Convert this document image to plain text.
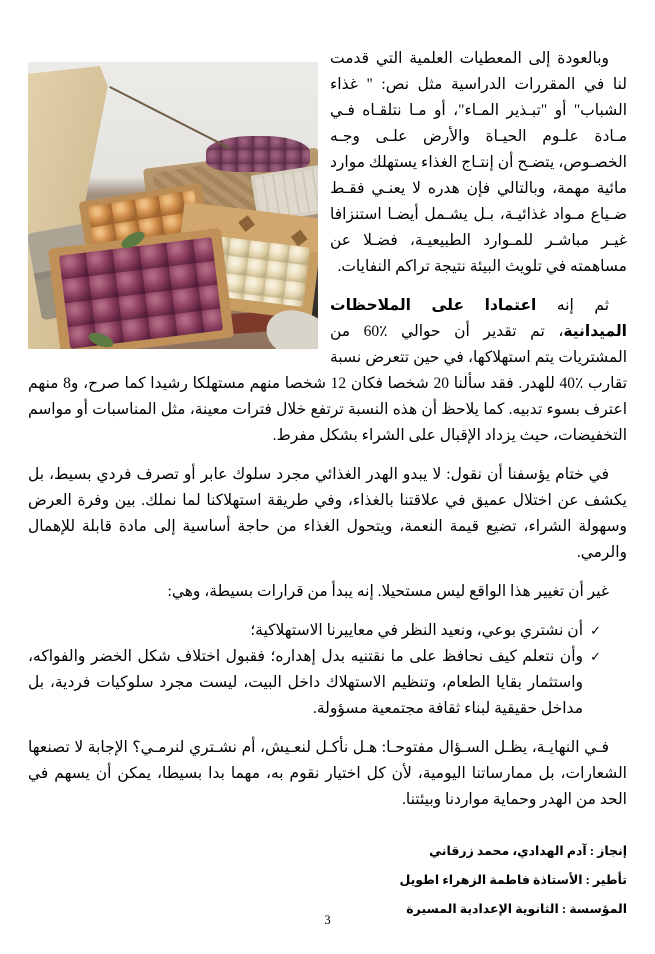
وبالعودة إلى المعطيات العلمية التي قدمت لنا في المقررات الدراسية مثل نص: " غذاء الشباب" أو "تبـذير المـاء"، أو مـا نتلقـاه فـي مـادة علـوم الحيـاة والأرض علـى وجـه الخصـوص، يتضـح أن إنتـاج الغذاء يستهلك موارد مائية مهمة، وبالتالي فإن هدره لا يعنـي فقـط ضـياع مـواد غذائيـة، بـل يشـمل أيضـا استنزافا غيـر مباشـر للمـوارد الطبيعيـة، فضـلا عن مساهمته في تلويث البيئة نتيجة تراكم النفايات.

ثم إنه اعتمادا على الملاحظات الميدانية، تم تقدير أن حوالي ٪60 من المشتريات يتم استهلاكها، في حين تتعرض نسبة تقارب ٪40 للهدر. فقد سألنا 20 شخصا فكان 12 شخصا منهم مستهلكا رشيدا كما صرح، و8 منهم اعترف بسوء تدبيه. كما يلاحظ أن هذه النسبة ترتفع خلال فترات معينة، مثل المناسبات أو مواسم التخفيضات، حيث يزداد الإقبال على الشراء بشكل مفرط.

في ختام يؤسفنا أن نقول: لا يبدو الهدر الغذائي مجرد سلوك عابر أو تصرف فردي بسيط، بل يكشف عن اختلال عميق في علاقتنا بالغذاء، وفي طريقة استهلاكنا لما نملك. بين وفرة العرض وسهولة الشراء، تضيع قيمة النعمة، ويتحول الغذاء من حاجة أساسية إلى مادة قابلة للإهمال والرمي.

غير أن تغيير هذا الواقع ليس مستحيلا. إنه يبدأ من قرارات بسيطة، وهي:

✓
أن نشتري بوعي، ونعيد النظر في معاييرنا الاستهلاكية؛
✓
وأن نتعلم كيف نحافظ على ما نقتنيه بدل إهداره؛ فقبول اختلاف شكل الخضر والفواكه، واستثمار بقايا الطعام، وتنظيم الاستهلاك داخل البيت، ليست مجرد سلوكيات فردية، بل مداخل حقيقية لبناء ثقافة مجتمعية مسؤولة.

فـي النهايـة، يظـل السـؤال مفتوحـا: هـل نأكـل لنعـيش، أم نشـتري لنرمـي؟ الإجابة لا تصنعها الشعارات، بل ممارساتنا اليومية، لأن كل اختيار نقوم به، مهما بدا بسيطا، يمكن أن يسهم في الحد من الهدر وحماية مواردنا وبيئتنا.

إنجاز : آدم الهدادي، محمد زرقاني
تأطير : الأستاذة فاطمة الزهراء اطويل
المؤسسة : الثانوية الإعدادية المسيرة
3
